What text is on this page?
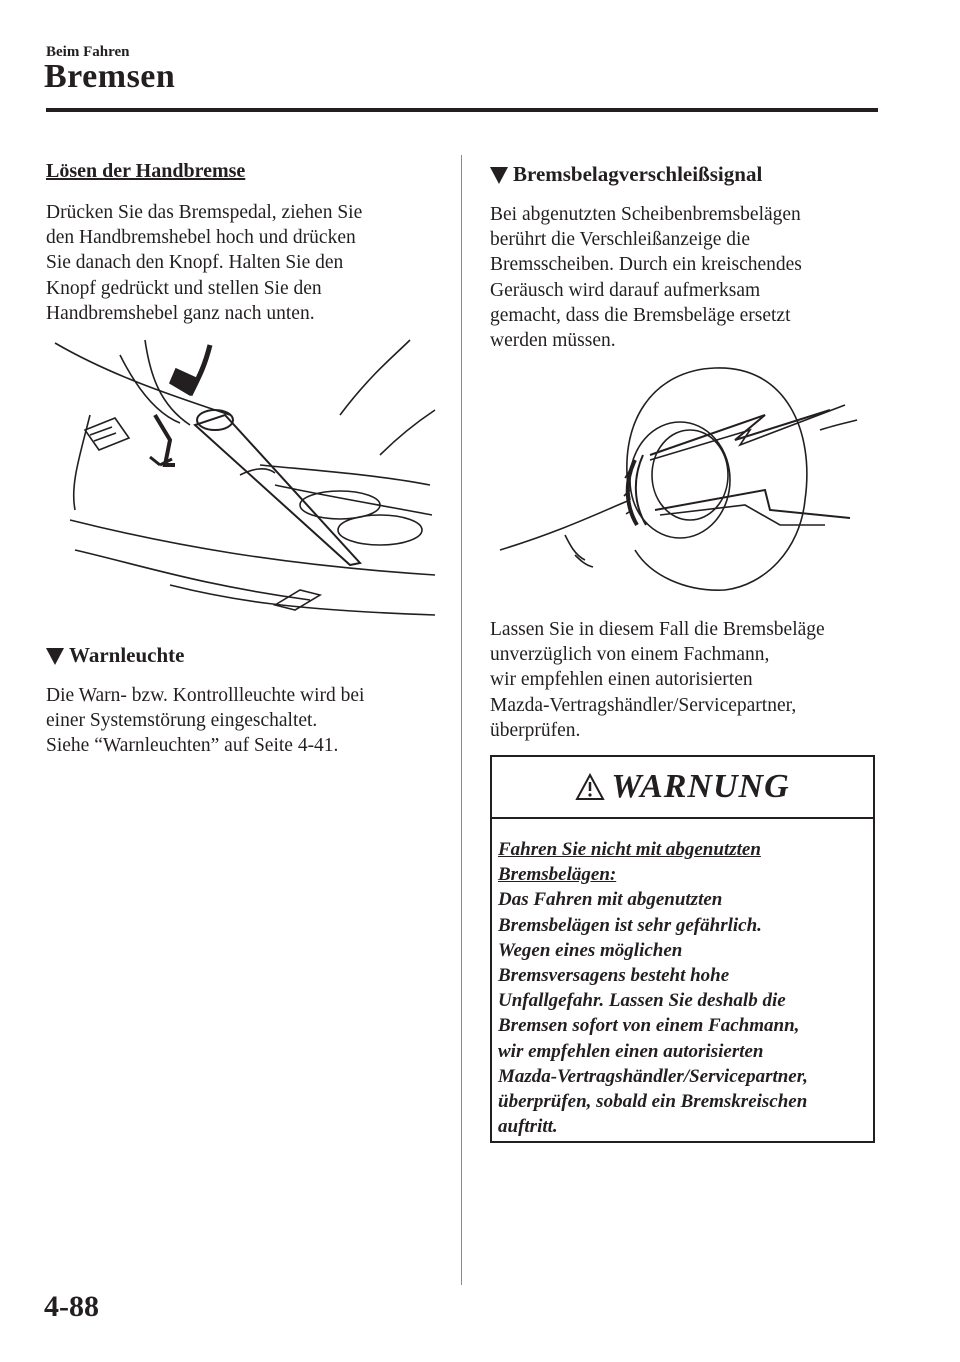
Beim Fahren
Bremsen
Lösen der Handbremse
Drücken Sie das Bremspedal, ziehen Sie
den Handbremshebel hoch und drücken
Sie danach den Knopf. Halten Sie den
Knopf gedrückt und stellen Sie den
Handbremshebel ganz nach unten.
Warnleuchte
Die Warn- bzw. Kontrollleuchte wird bei
einer Systemstörung eingeschaltet.
Siehe “Warnleuchten” auf Seite 4-41.
Bremsbelagverschleißsignal
Bei abgenutzten Scheibenbremsbelägen
berührt die Verschleißanzeige die
Bremsscheiben. Durch ein kreischendes
Geräusch wird darauf aufmerksam
gemacht, dass die Bremsbeläge ersetzt
werden müssen.
Lassen Sie in diesem Fall die Bremsbeläge
unverzüglich von einem Fachmann,
wir empfehlen einen autorisierten
Mazda-Vertragshändler/Servicepartner,
überprüfen.
WARNUNG
Fahren Sie nicht mit abgenutzten
Bremsbelägen:
Das Fahren mit abgenutzten
Bremsbelägen ist sehr gefährlich.
Wegen eines möglichen
Bremsversagens besteht hohe
Unfallgefahr. Lassen Sie deshalb die
Bremsen sofort von einem Fachmann,
wir empfehlen einen autorisierten
Mazda-Vertragshändler/Servicepartner,
überprüfen, sobald ein Bremskreischen
auftritt.
4-88
